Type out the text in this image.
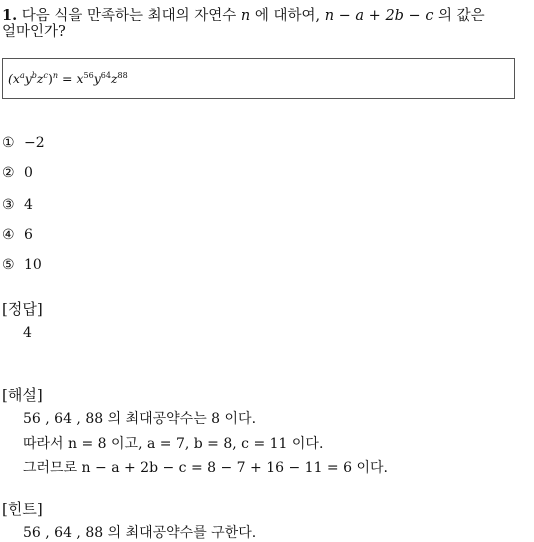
1. 다음 식을 만족하는 최대의 자연수 n 에 대하여, n − a + 2b − c 의 값은
얼마인가?
$(x^ay^bz^c)^n = x^{56}y^{64}z^{88}$
① −2
② 0
③ 4
④ 6
⑤ 10
[정답]
4
[해설]
56 , 64 , 88 의 최대공약수는 8 이다.
따라서 n = 8 이고, a = 7, b = 8, c = 11 이다.
그러므로 n − a + 2b − c = 8 − 7 + 16 − 11 = 6 이다.
[힌트]
56 , 64 , 88 의 최대공약수를 구한다.
